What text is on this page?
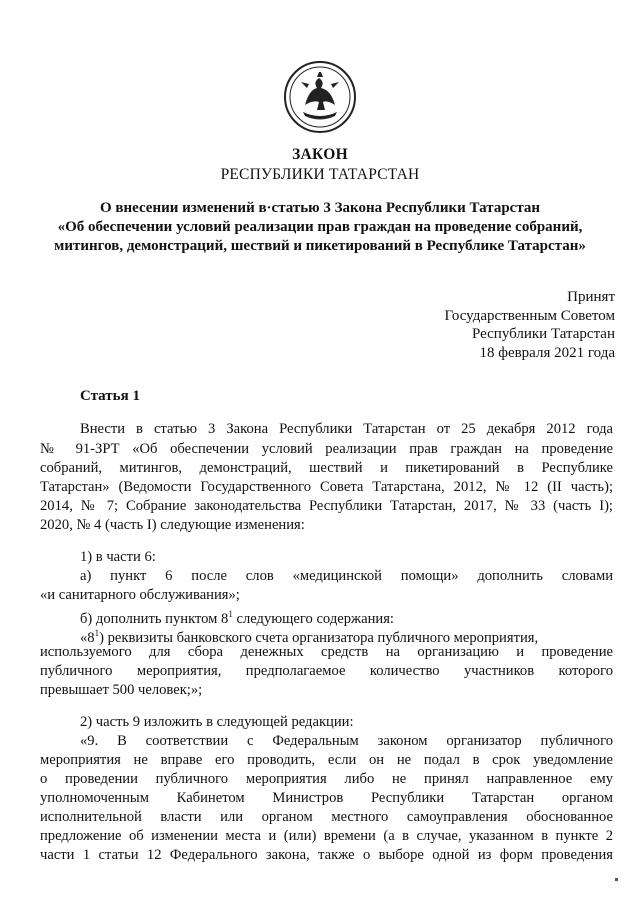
ЗАКОН
РЕСПУБЛИКИ ТАТАРСТАН
О внесении изменений в·статью 3 Закона Республики Татарстан
«Об обеспечении условий реализации прав граждан на проведение собраний,
митингов, демонстраций, шествий и пикетирований в Республике Татарстан»
Принят
Государственным Советом
Республики Татарстан
18 февраля 2021 года
Статья 1
Внести в статью 3 Закона Республики Татарстан от 25 декабря 2012 года
№ 91-ЗРТ «Об обеспечении условий реализации прав граждан на проведение
собраний, митингов, демонстраций, шествий и пикетирований в Республике
Татарстан» (Ведомости Государственного Совета Татарстана, 2012, № 12 (II часть);
2014, № 7; Собрание законодательства Республики Татарстан, 2017, № 33 (часть I);
2020, № 4 (часть I) следующие изменения:
1) в части 6:
а) пункт 6 после слов «медицинской помощи» дополнить словами
«и санитарного обслуживания»;
б) дополнить пунктом $8^1$ следующего содержания:
«$8^1$) реквизиты банковского счета организатора публичного мероприятия,
используемого для сбора денежных средств на организацию и проведение
публичного мероприятия, предполагаемое количество участников которого
превышает 500 человек;»;
2) часть 9 изложить в следующей редакции:
«9. В соответствии с Федеральным законом организатор публичного
мероприятия не вправе его проводить, если он не подал в срок уведомление
о проведении публичного мероприятия либо не принял направленное ему
уполномоченным Кабинетом Министров Республики Татарстан органом
исполнительной власти или органом местного самоуправления обоснованное
предложение об изменении места и (или) времени (а в случае, указанном в пункте 2
части 1 статьи 12 Федерального закона, также о выборе одной из форм проведения
